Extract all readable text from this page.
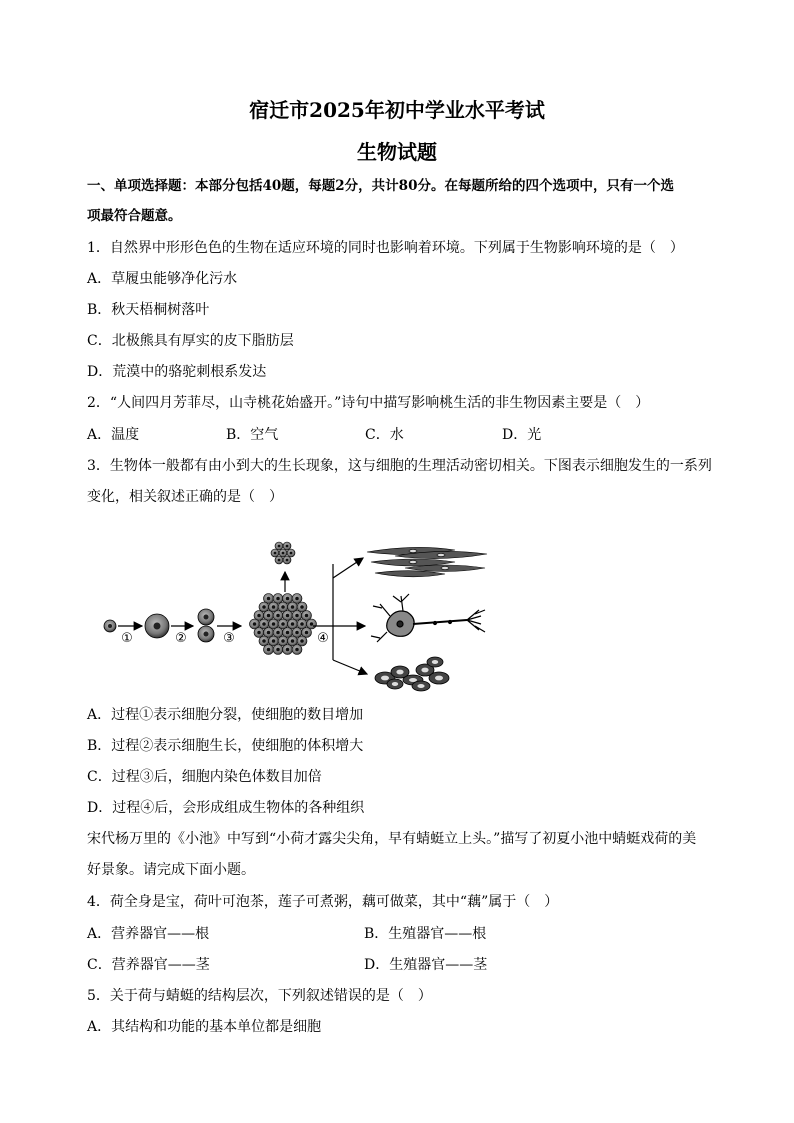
宿迁市2025年初中学业水平考试
生物试题
一、单项选择题：本部分包括40题，每题2分，共计80分。在每题所给的四个选项中，只有一个选
项最符合题意。
1．自然界中形形色色的生物在适应环境的同时也影响着环境。下列属于生物影响环境的是（　）
A．草履虫能够净化污水
B．秋天梧桐树落叶
C．北极熊具有厚实的皮下脂肪层
D．荒漠中的骆驼刺根系发达
2．“人间四月芳菲尽，山寺桃花始盛开。”诗句中描写影响桃生活的非生物因素主要是（　）
A．温度	B．空气	C．水	D．光
3．生物体一般都有由小到大的生长现象，这与细胞的生理活动密切相关。下图表示细胞发生的一系列
变化，相关叙述正确的是（　）
①	②	③	④
A．过程①表示细胞分裂，使细胞的数目增加
B．过程②表示细胞生长，使细胞的体积增大
C．过程③后，细胞内染色体数目加倍
D．过程④后，会形成组成生物体的各种组织
宋代杨万里的《小池》中写到“小荷才露尖尖角，早有蜻蜓立上头。”描写了初夏小池中蜻蜓戏荷的美
好景象。请完成下面小题。
4．荷全身是宝，荷叶可泡茶，莲子可煮粥，藕可做菜，其中“藕”属于（　）
A．营养器官——根	B．生殖器官——根
C．营养器官——茎	D．生殖器官——茎
5．关于荷与蜻蜓的结构层次，下列叙述错误的是（　）
A．其结构和功能的基本单位都是细胞
